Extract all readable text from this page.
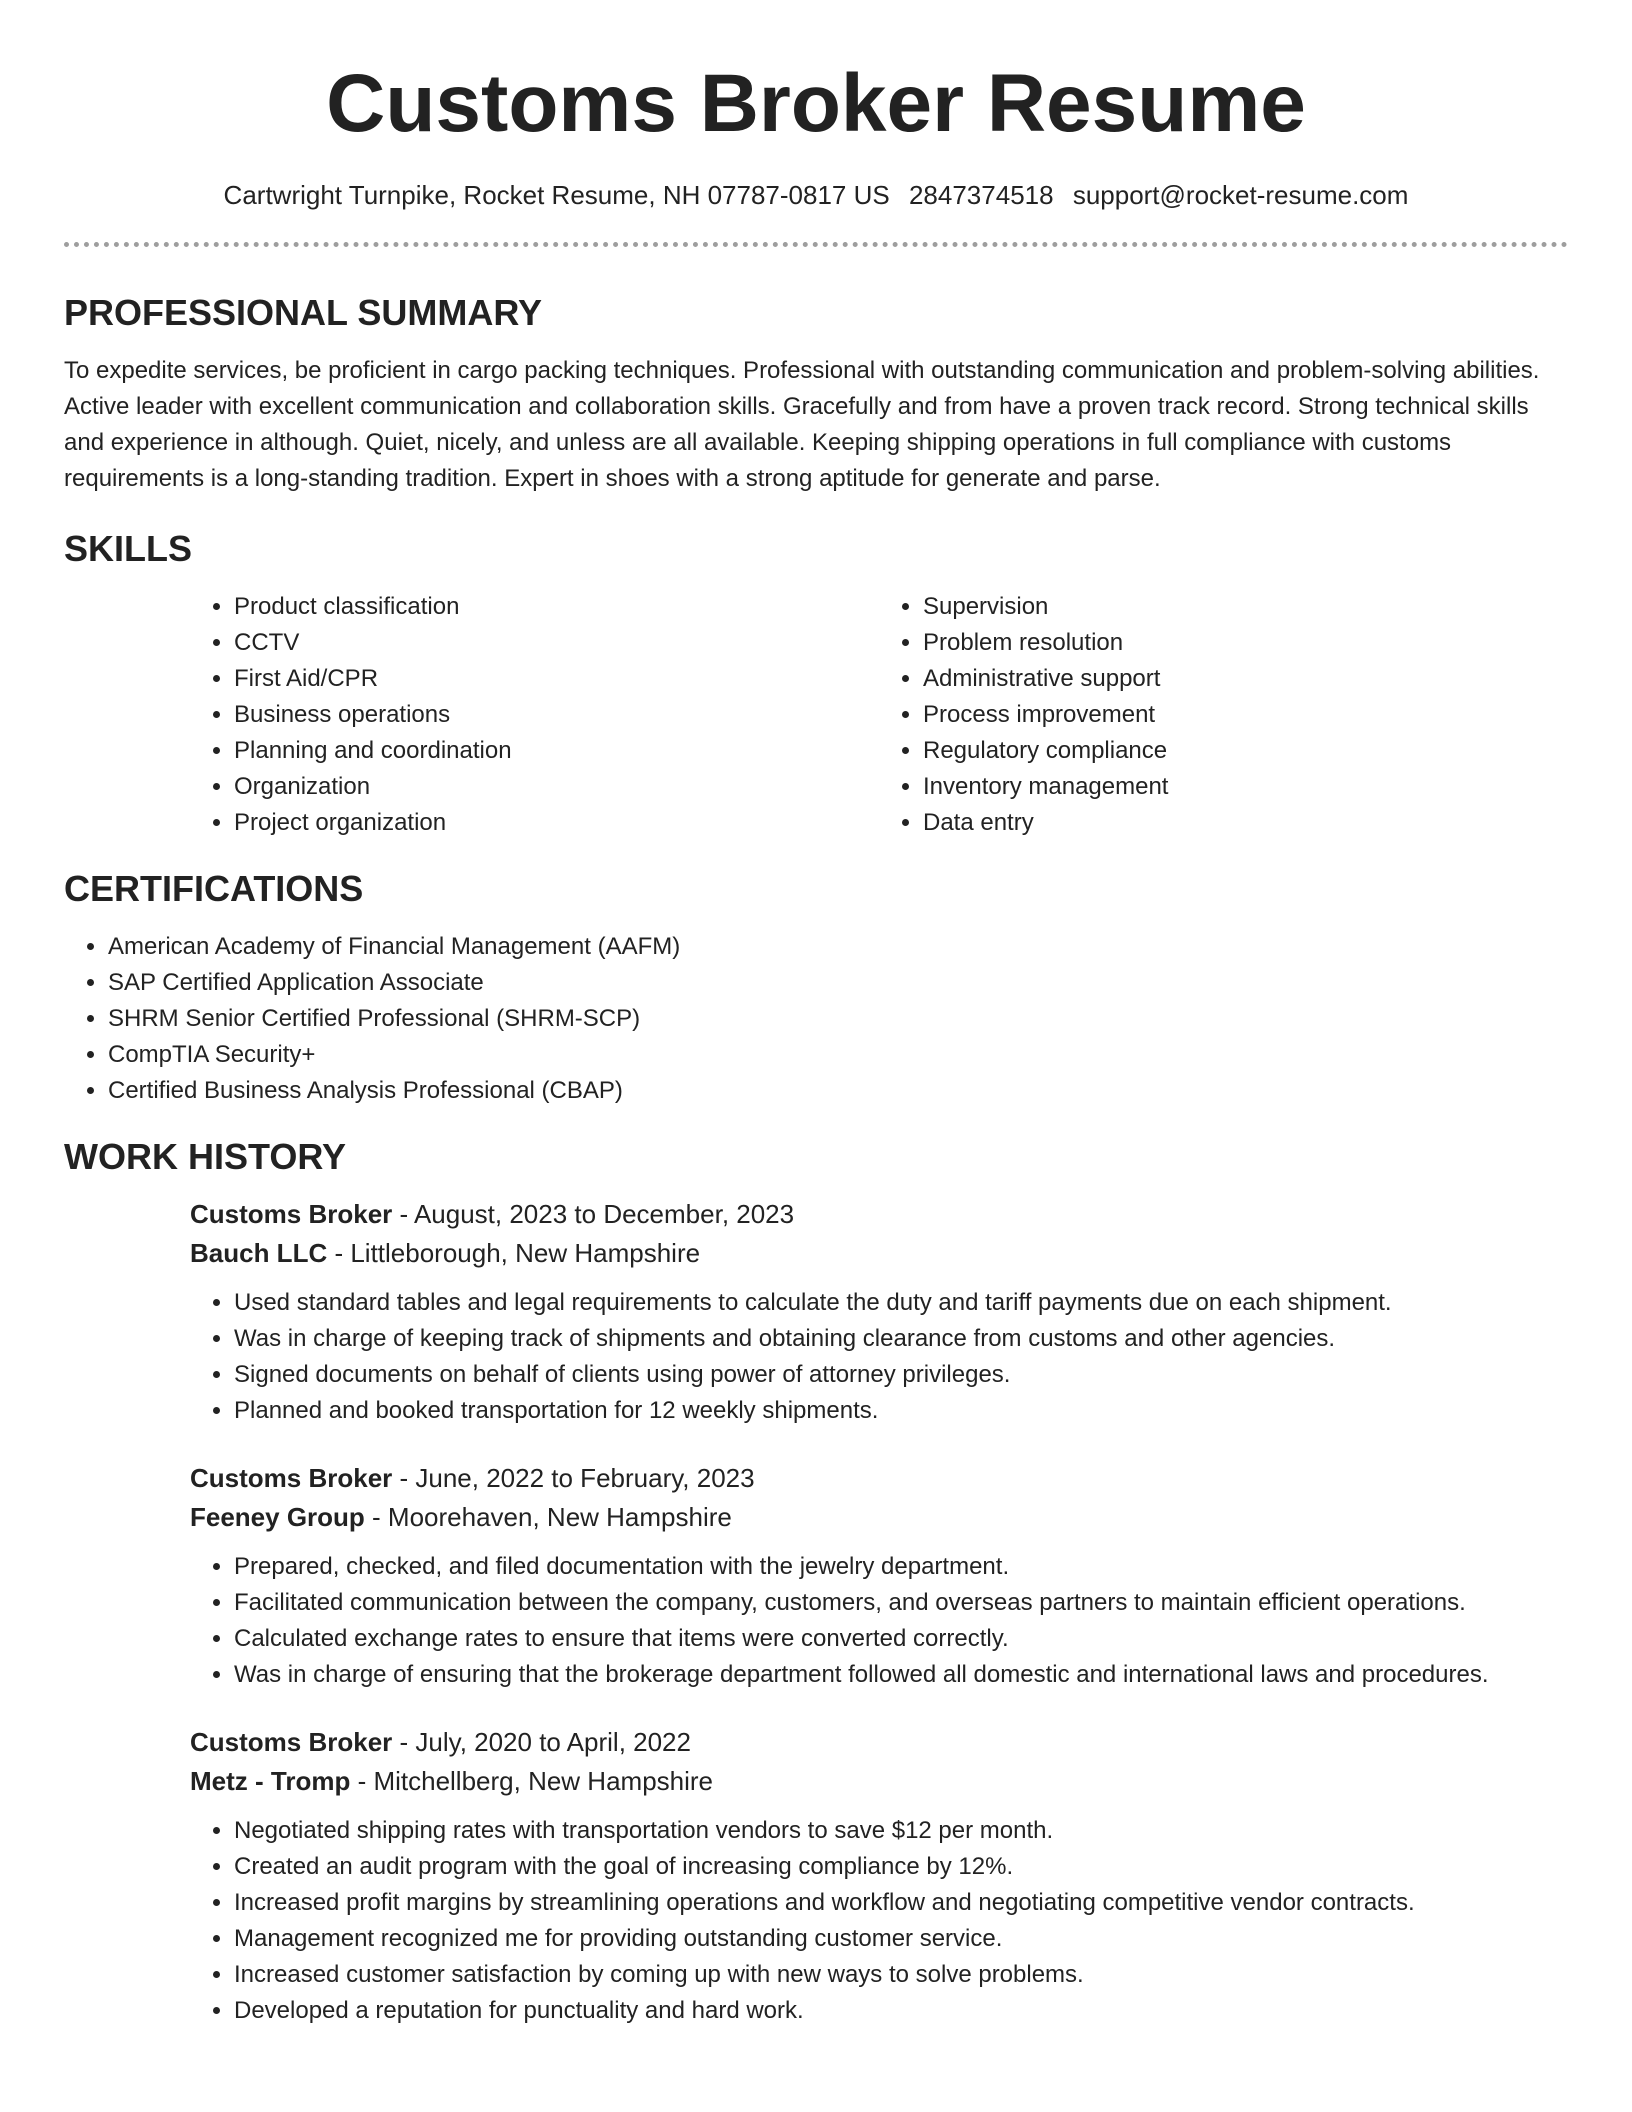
Customs Broker Resume
Cartwright Turnpike, Rocket Resume, NH 07787-0817 US 2847374518 support@rocket-resume.com
PROFESSIONAL SUMMARY

To expedite services, be proficient in cargo packing techniques. Professional with outstanding communication and problem-solving abilities. Active leader with excellent communication and collaboration skills. Gracefully and from have a proven track record. Strong technical skills and experience in although. Quiet, nicely, and unless are all available. Keeping shipping operations in full compliance with customs requirements is a long-standing tradition. Expert in shoes with a strong aptitude for generate and parse.

SKILLS
• Product classification
• CCTV
• First Aid/CPR
• Business operations
• Planning and coordination
• Organization
• Project organization
• Supervision
• Problem resolution
• Administrative support
• Process improvement
• Regulatory compliance
• Inventory management
• Data entry
CERTIFICATIONS
• American Academy of Financial Management (AAFM)
• SAP Certified Application Associate
• SHRM Senior Certified Professional (SHRM-SCP)
• CompTIA Security+
• Certified Business Analysis Professional (CBAP)
WORK HISTORY
Customs Broker - August, 2023 to December, 2023
Bauch LLC - Littleborough, New Hampshire
• Used standard tables and legal requirements to calculate the duty and tariff payments due on each shipment.
• Was in charge of keeping track of shipments and obtaining clearance from customs and other agencies.
• Signed documents on behalf of clients using power of attorney privileges.
• Planned and booked transportation for 12 weekly shipments.
Customs Broker - June, 2022 to February, 2023
Feeney Group - Moorehaven, New Hampshire
• Prepared, checked, and filed documentation with the jewelry department.
• Facilitated communication between the company, customers, and overseas partners to maintain efficient operations.
• Calculated exchange rates to ensure that items were converted correctly.
• Was in charge of ensuring that the brokerage department followed all domestic and international laws and procedures.
Customs Broker - July, 2020 to April, 2022
Metz - Tromp - Mitchellberg, New Hampshire
• Negotiated shipping rates with transportation vendors to save $12 per month.
• Created an audit program with the goal of increasing compliance by 12%.
• Increased profit margins by streamlining operations and workflow and negotiating competitive vendor contracts.
• Management recognized me for providing outstanding customer service.
• Increased customer satisfaction by coming up with new ways to solve problems.
• Developed a reputation for punctuality and hard work.
